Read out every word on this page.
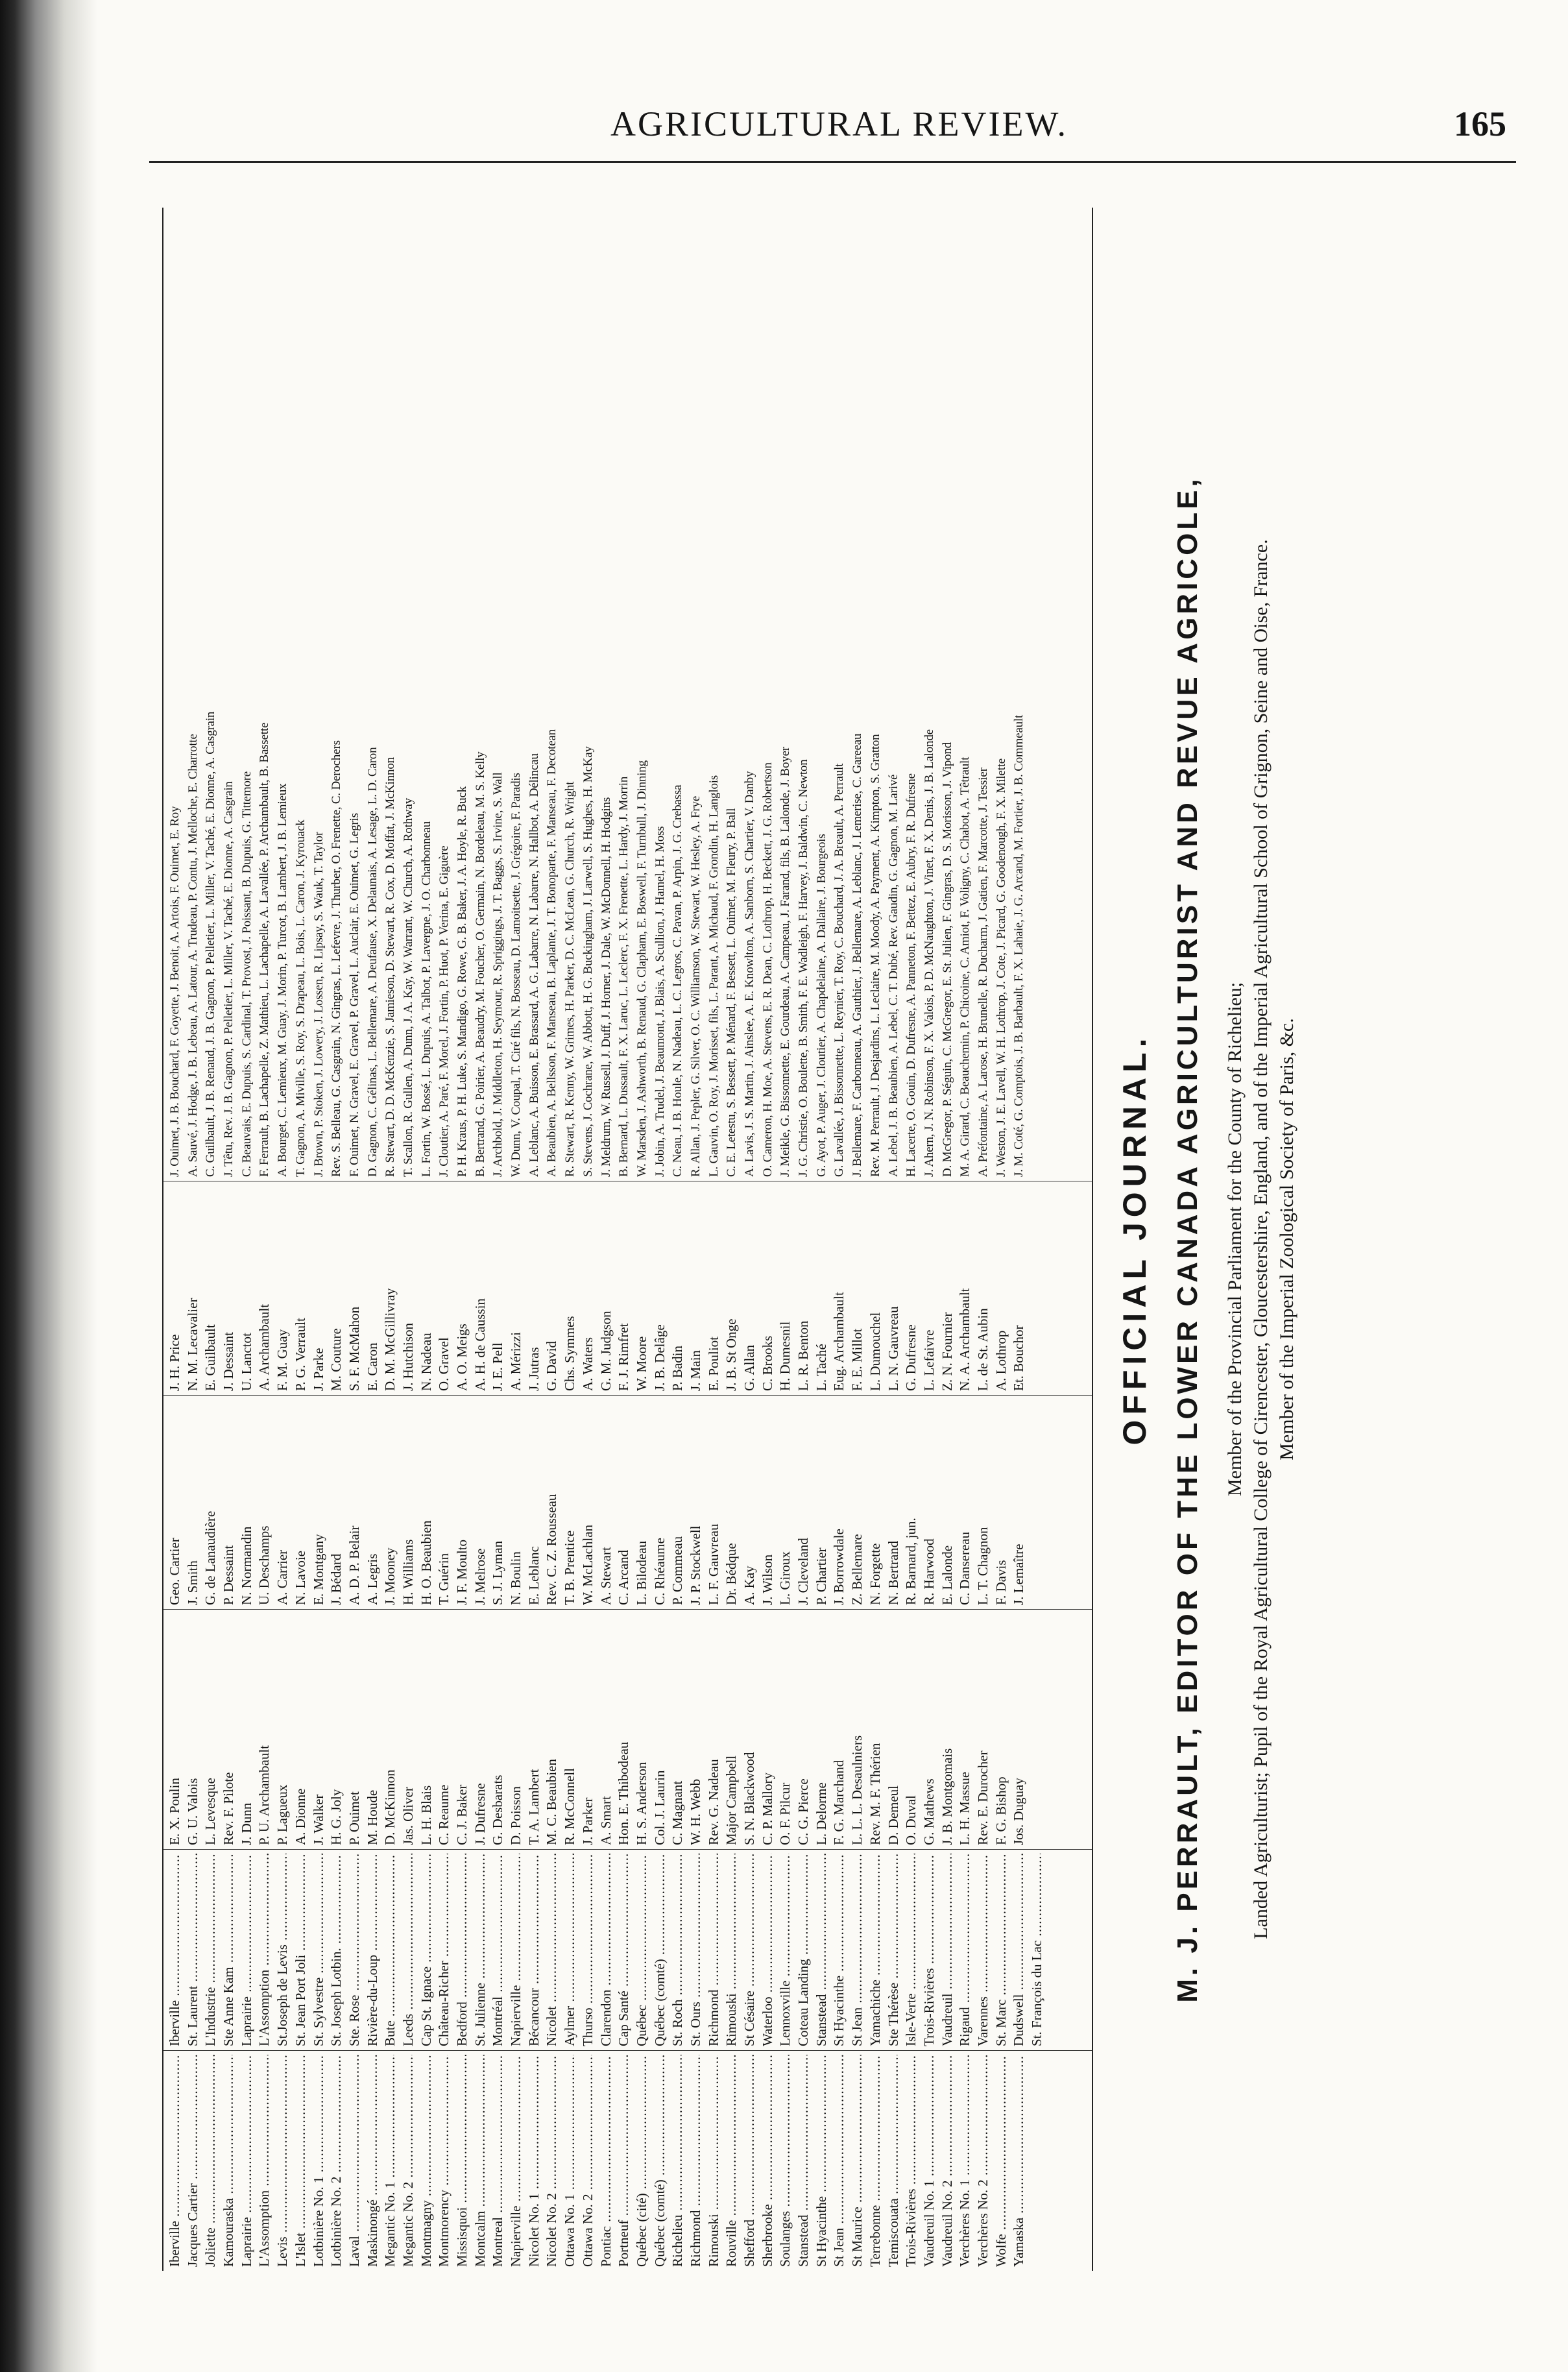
AGRICULTURAL REVIEW.	165
Iberville ..... Jacques Cartier ..... Joliette ..... Kamouraska ..... Laprairie ..... L'Assomption ..... Levis ..... L'Islet ..... Lotbinière No. 1 ..... Lotbinière No. 2 ..... Laval ..... Maskinongé ..... Megantic No. 1 ..... Megantic No. 2 ..... Montmagny ..... Montmorency ..... Missisquoi ..... Montcalm ..... Montreal ..... Napierville ..... Nicolet No. 1 ..... Nicolet No. 2 ..... Ottawa No. 1 ..... Ottawa No. 2 ..... Pontiac ..... Portneuf ..... Québec (cité) ..... Québec (comté) ..... Richelieu ..... Richmond ..... Rimouski ..... Rouville ..... Shefford ..... Sherbrooke ..... Soulanges ..... Stanstead ..... St Hyacinthe ..... St Jean ..... St Maurice ..... Terrebonne ..... Temiscouata ..... Trois-Rivières ..... Vaudreuil No. 1 ..... Vaudreuil No. 2 ..... Verchères No. 1 ..... Verchères No. 2 ..... Wolfe ..... Yamaska .....
Iberville ..... St. Laurent ..... L'Industrie ..... Ste Anne Kam ..... Laprairie ..... L'Assomption ..... St.Joseph de Levis ..... St. Jean Port Joli ..... St. Sylvestre ..... St. Joseph Lotbin. ..... Ste. Rose ..... Rivière-du-Loup ..... Bute ..... Leeds ..... Cap St. Ignace ..... Château-Richer ..... Bedford ..... St. Julienne ..... Montréal ..... Napierville ..... Bécancour ..... Nicolet ..... Aylmer ..... Thurso ..... Clarendon ..... Cap Santé ..... Québec ..... Québec (comté) ..... St. Roch ..... St. Ours ..... Richmond ..... Rimouski ..... St Césaire ..... Waterloo ..... Lennoxville ..... Coteau Landing ..... Stanstead ..... St Hyacinthe ..... St Jean ..... Yamachiche ..... Ste Thérèse ..... Isle-Verte ..... Trois-Rivières ..... Vaudreuil ..... Rigaud ..... Varennes ..... St. Marc ..... Dudswell ..... St. François du Lac .....
E. X. Poulin G. U. Valois L. Levesque Rev. F. Pilote J. Dunn P. U. Archambault P. Lagueux A. Dionne J. Walker H. G. Joly P. Ouimet M. Houde D. McKinnon Jas. Oliver L. H. Blais C. Reaume C. J. Baker J. Dufresne G. Desbarats D. Poisson T. A. Lambert M. C. Beaubien R. McConnell J. Parker A. Smart Hon. E. Thibodeau H. S. Anderson Col. J. Laurin C. Magnant W. H. Webb Rev. G. Nadeau Major Campbell S. N. Blackwood C. P. Mallory O. F. Pilcur C. G. Pierce L. Delorme F. G. Marchand L. L. L. Desaulniers Rev. M. F. Thérien D. Demeul O. Duval G. Mathews J. B. Montgomais L. H. Massue Rev. E. Durocher F. G. Bishop Jos. Duguay
Geo. Cartier J. Smith G. de Lanaudière P. Dessaint N. Normandin U. Deschamps A. Carrier N. Lavoie E. Montgany J. Bédard A. D. P. Belair A. Legris J. Mooney H. Williams H. O. Beaubien T. Guérin J. F. Moulto J. Melrose S. J. Lyman N. Boulin E. Leblanc Rev. C. Z. Rousseau T. B. Prentice W. McLachlan A. Stewart C. Arcand L. Bilodeau C. Rhéaume P. Commeau J. P. Stockwell L. F. Gauvreau Dr. Bédque A. Kay J. Wilson L. Giroux J. Cleveland P. Chartier J. Borrowdale Z. Bellemare N. Forgette N. Bertrand R. Barnard, jun. R. Harwood E. Lalonde C. Dansereau L. T. Chagnon F. Davis J. Lemaître
J. H. Price N. M. Lecavalier E. Guilbault J. Dessaint U. Lanctot A. Archambault F. M. Guay P. G. Verrault J. Parke M. Couture S. F. McMahon E. Caron D. M. McGillivray J. Hutchison N. Nadeau O. Gravel A. O. Meigs A. H. de Caussin J. E. Pell A. Mérizzi J. Jutras G. David Chs. Symmes A. Waters G. M. Judgson F. J. Rimfret W. Moore J. B. Delâge P. Badin J. Main E. Pouliot J. B. St Onge G. Allan C. Brooks H. Dumesnil L. R. Benton L. Taché Eug. Archambault F. E. Millot L. Dumouchel L. N. Gauvreau G. Dufresne L. Lefaivre Z. N. Fournier N. A. Archambault L. de St. Aubin A. Lothrop Et. Bouchor
J. Ouimet, J. B. Bouchard, F. Goyette, J. Benoit, A. Artois, F. Ouimet, E. Roy A. Sauvé, J. Hodge, J. B. Lebeau, A. Latour, A. Trudeau, P. Contu, J. Melloche, E. Charrotte C. Guilbault, J. B. Renaud, J. B. Gagnon, P. Pelletier, L. Miller, V. Taché, E. Dionne, A. Casgrain J. Têtu, Rev. J. B. Gagnon, P. Pelletier, L. Miller, V. Taché, E. Dionne, A. Casgrain C. Beauvais, E. Dupuis, S. Cardinal, T. Provost, J. Poissant, B. Dupuis, G. Tittemore F. Ferrault, B. Lachapelle, Z. Mathieu, L. Lachapelle, A. Lavallée, P. Archambault, B. Bassette A. Bourget, C. Lemieux, M. Guay, J. Morin, P. Turcot, B. Lambert, J. B. Lemieux T. Gagnon, A. Miville, S. Roy, S. Drapeau, L. Bois, L. Caron, J. Kyrouack J. Brown, P. Stoken, J. Lowery, J. Lossen, R. Lipsay, S. Wauk, T. Taylor Rev. S. Belleau, G. Casgrain, N. Gingras, L. Lefevre, J. Thurber, O. Frenette, C. Derochers F. Ouimet, N. Gravel, E. Gravel, P. Gravel, L. Auclair, E. Ouimet, G. Legris D. Gagnon, C. Gélinas, L. Bellemare, A. Deufause, X. Delaunais, A. Lesage, L. D. Caron R. Stewart, D. D. McKenzie, S. Jamieson, D. Stewart, R. Cox, D. Moffat, J. McKinnon T. Scallon, R. Gullen, A. Dunn, J. A. Kay, W. Warrant, W. Church, A. Rothway L. Fortin, W. Bossé, L. Dupuis, A. Talbot, P. Lavergne, J. O. Charbonneau J. Cloutier, A. Paré, F. Morel, J. Fortin, P. Huot, P. Verina, E. Giguère P. H. Kraus, P. H. Luke, S. Mandigo, G. Rowe, G. B. Baker, J. A. Hoyle, R. Buck B. Bertrand, G. Poirier, A. Beaudry, M. Foucher, O. Germain, N. Bordeleau, M. S. Kelly J. Archbold, J. Middleton, H. Seymour, R. Spriggings, J. T. Baggs, S. Irvine, S. Wall W. Dunn, V. Coupal, T. Ciré fils, N. Bosseau, D. Lamoitsette, J. Grégoire, F. Paradis A. Leblanc, A. Buisson, E. Brassard, A. G. Labarre, N. Labarre, N. Hallbot, A. Délincau A. Beaubien, A. Bellsson, F. Manseau, B. Laplante, J. T. Bonoparte, F. Manseau, F. Decotean R. Stewart, R. Kenny, W. Grimes, H. Parker, D. C. McLean, G. Church, R. Wright S. Stevens, J. Cochrane, W. Abbott, H. G. Buckingham, J. Larwell, S. Hughes, H. McKay J. Meldrum, W. Russell, J. Duff, J. Horner, J. Dale, W. McDonnell, H. Hodgins B. Bernard, L. Dussault, F. X. Laruc, L. Leclerc, F. X. Frenette, L. Hardy, J. Morrin W. Marsden, J. Ashworth, B. Renaud, G. Clapham, E. Boswell, F. Turnbull, J. Dinning J. Jobin, A. Trudel, J. Beaumont, J. Blais, A. Scullion, J. Hamel, H. Moss C. Neau, J. B. Houle, N. Nadeau, L. C. Legros, C. Pavan, P. Arpin, J. G. Crebassa R. Allan, J. Pepler, G. Silver, O. C. Williamson, W. Stewart, W. Hesley, A. Frye L. Gauvin, O. Roy, J. Morisset, fils, L. Parant, A. Michaud, F. Grondin, H. Langlois C. E. Letestu, S. Bessett, P. Ménard, F. Bessett, L. Ouimet, M. Fleury, P. Ball A. Lavis, J. S. Martin, J. Ainslee, A. E. Knowlton, A. Sanborn, S. Chartier, V. Danby O. Cameron, H. Moe, A. Stevens, E. R. Dean, C. Lothrop, H. Beckett, J. G. Robertson J. Meikle, G. Bissonnette, E. Gourdeau, A. Campeau, J. Farand, fils, B. Lalonde, J. Boyer J. G. Christie, O. Boulette, B. Smith, F. E. Wadleigh, F. Harvey, J. Baldwin, C. Newton G. Ayot, P. Auger, J. Cloutier, A. Chapdelaine, A. Dallaire, J. Bourgeois G. Lavallée, J. Bissonnette, L. Reynier, T. Roy, C. Bouchard, J. A. Breault, A. Perrault J. Bellemare, F. Carbonneau, A. Gauthier, J. Bellemare, A. Leblanc, J. Lemerise, C. Gareeau Rev. M. Perrault, J. Desjardins, L. Leclaire, M. Moody, A. Payment, A. Kimpton, S. Gratton A. Lebel, J. B. Beaubien, A. Lebel, C. T. Dubé, Rev. Gaudin, G. Gagnon, M. Larivé H. Lacerte, O. Gouin, D. Dufresne, A. Panneton, F. Bettez, E. Aubry, F. R. Dufresne J. Ahern, J. N. Robinson, F. X. Valois, P. D. McNaughton, J. Vinet, F. X. Denis, J. B. Lalonde D. McGregor, P. Séguin, C. McGregor, E. St. Julien, F. Gingras, D. S. Morisson, J. Vipond M. A. Girard, C. Beauchemin, P. Chicoine, C. Amiot, F. Voligny, C. Chabot, A. Têtrault A. Préfontaine, A. Larose, H. Brunelle, R. Ducharm, J. Gatien, F. Marcotte, J. Tessier J. Weston, J. E. Lavell, W. H. Lothrop, J. Cote, J. Picard, G. Goodenough, F. X. Milette J. M. Coté, G. Comptois, J. B. Barbault, F. X. Lahaie, J. G. Arcand, M. Fortier, J. B. Commeault
OFFICIAL JOURNAL. M. J. PERRAULT, EDITOR OF THE LOWER CANADA AGRICULTURIST AND REVUE AGRICOLE, Member of the Provincial Parliament for the County of Richelieu; Landed Agriculturist; Pupil of the Royal Agricultural College of Cirencester, Gloucestershire, England, and of the Imperial Agricultural School of Grignon, Seine and Oise, France. Member of the Imperial Zoological Society of Paris, &c.
